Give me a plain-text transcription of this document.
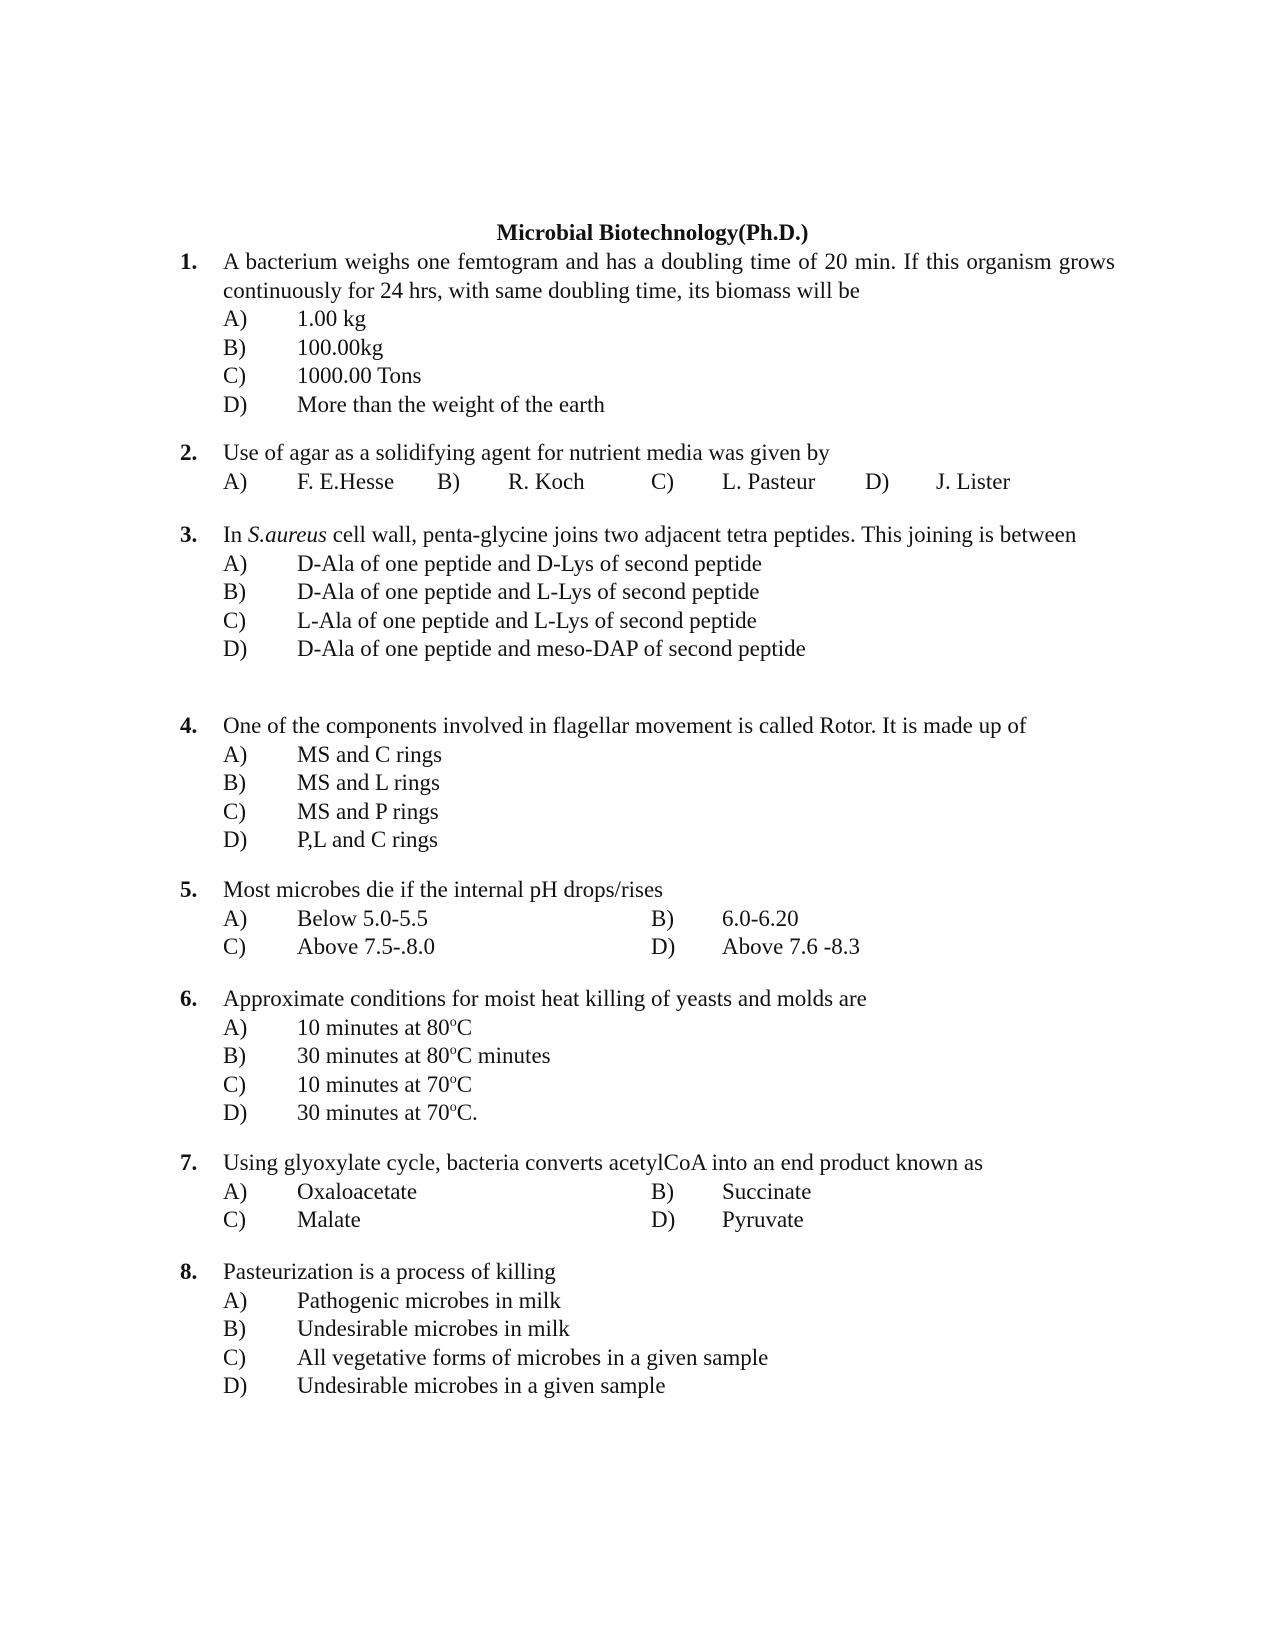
Microbial Biotechnology(Ph.D.)
1. A bacterium weighs one femtogram and has a doubling time of 20 min. If this organism grows continuously for 24 hrs, with same doubling time, its biomass will be
A) 1.00 kg
B) 100.00kg
C) 1000.00 Tons
D) More than the weight of the earth
2. Use of agar as a solidifying agent for nutrient media was given by
A) F. E.Hesse B) R. Koch	C) L. Pasteur D) J. Lister
3. In S.aureus cell wall, penta-glycine joins two adjacent tetra peptides. This joining is between
A) D-Ala of one peptide and D-Lys of second peptide
B) D-Ala of one peptide and L-Lys of second peptide
C) L-Ala of one peptide and L-Lys of second peptide
D) D-Ala of one peptide and meso-DAP of second peptide
4. One of the components involved in flagellar movement is called Rotor. It is made up of
A) MS and C rings
B) MS and L rings
C) MS and P rings
D) P,L and C rings
5. Most microbes die if the internal pH drops/rises
A) Below 5.0-5.5	B) 6.0-6.20
C) Above 7.5-.8.0	D) Above 7.6 -8.3
6. Approximate conditions for moist heat killing of yeasts and molds are
A) 10 minutes at 80$^o$C
B) 30 minutes at 80$^o$C minutes
C) 10 minutes at 70$^o$C
D) 30 minutes at 70$^o$C.
7. Using glyoxylate cycle, bacteria converts acetylCoA into an end product known as
A) Oxaloacetate	B) Succinate
C) Malate	D) Pyruvate
8. Pasteurization is a process of killing
A) Pathogenic microbes in milk
B) Undesirable microbes in milk
C) All vegetative forms of microbes in a given sample
D) Undesirable microbes in a given sample
